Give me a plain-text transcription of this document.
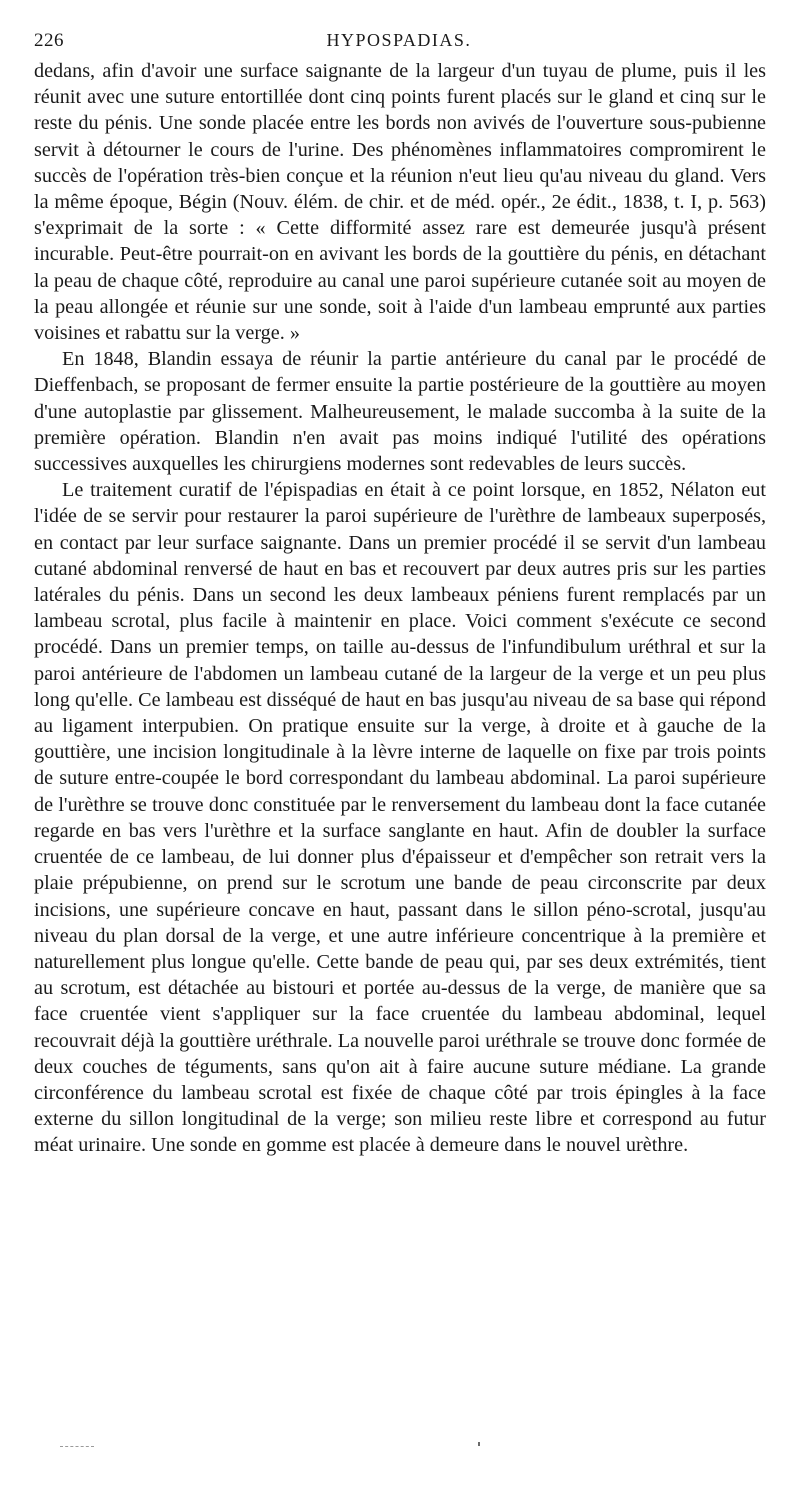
226	HYPOSPADIAS.

dedans, afin d'avoir une surface saignante de la largeur d'un tuyau de plume, puis il les réunit avec une suture entortillée dont cinq points furent placés sur le gland et cinq sur le reste du pénis. Une sonde placée entre les bords non avivés de l'ouverture sous-pubienne servit à détourner le cours de l'urine. Des phénomènes inflammatoires compromirent le succès de l'opération très-bien conçue et la réunion n'eut lieu qu'au niveau du gland. Vers la même époque, Bégin (Nouv. élém. de chir. et de méd. opér., 2e édit., 1838, t. I, p. 563) s'exprimait de la sorte : « Cette difformité assez rare est demeurée jusqu'à présent incurable. Peut-être pourrait-on en avivant les bords de la gouttière du pénis, en détachant la peau de chaque côté, reproduire au canal une paroi supérieure cutanée soit au moyen de la peau allongée et réunie sur une sonde, soit à l'aide d'un lambeau emprunté aux parties voisines et rabattu sur la verge. »

En 1848, Blandin essaya de réunir la partie antérieure du canal par le procédé de Dieffenbach, se proposant de fermer ensuite la partie postérieure de la gouttière au moyen d'une autoplastie par glissement. Malheureusement, le malade succomba à la suite de la première opération. Blandin n'en avait pas moins indiqué l'utilité des opérations successives auxquelles les chirurgiens modernes sont redevables de leurs succès.

Le traitement curatif de l'épispadias en était à ce point lorsque, en 1852, Nélaton eut l'idée de se servir pour restaurer la paroi supérieure de l'urèthre de lambeaux superposés, en contact par leur surface saignante. Dans un premier procédé il se servit d'un lambeau cutané abdominal renversé de haut en bas et recouvert par deux autres pris sur les parties latérales du pénis. Dans un second les deux lambeaux péniens furent remplacés par un lambeau scrotal, plus facile à maintenir en place. Voici comment s'exécute ce second procédé. Dans un premier temps, on taille au-dessus de l'infundibulum uréthral et sur la paroi antérieure de l'abdomen un lambeau cutané de la largeur de la verge et un peu plus long qu'elle. Ce lambeau est disséqué de haut en bas jusqu'au niveau de sa base qui répond au ligament interpubien. On pratique ensuite sur la verge, à droite et à gauche de la gouttière, une incision longitudinale à la lèvre interne de laquelle on fixe par trois points de suture entre-coupée le bord correspondant du lambeau abdominal. La paroi supérieure de l'urèthre se trouve donc constituée par le renversement du lambeau dont la face cutanée regarde en bas vers l'urèthre et la surface sanglante en haut. Afin de doubler la surface cruentée de ce lambeau, de lui donner plus d'épaisseur et d'empêcher son retrait vers la plaie prépubienne, on prend sur le scrotum une bande de peau circonscrite par deux incisions, une supérieure concave en haut, passant dans le sillon péno-scrotal, jusqu'au niveau du plan dorsal de la verge, et une autre inférieure concentrique à la première et naturellement plus longue qu'elle. Cette bande de peau qui, par ses deux extrémités, tient au scrotum, est détachée au bistouri et portée au-dessus de la verge, de manière que sa face cruentée vient s'appliquer sur la face cruentée du lambeau abdominal, lequel recouvrait déjà la gouttière uréthrale. La nouvelle paroi uréthrale se trouve donc formée de deux couches de téguments, sans qu'on ait à faire aucune suture médiane. La grande circonférence du lambeau scrotal est fixée de chaque côté par trois épingles à la face externe du sillon longitudinal de la verge; son milieu reste libre et correspond au futur méat urinaire. Une sonde en gomme est placée à demeure dans le nouvel urèthre.
